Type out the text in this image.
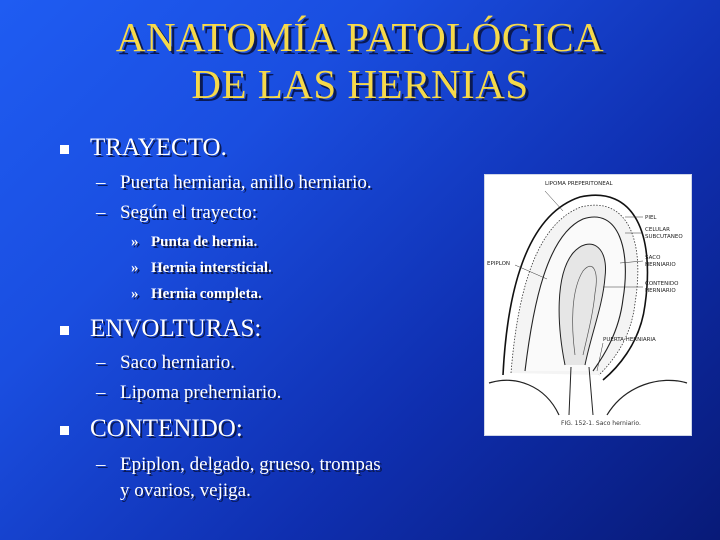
ANATOMÍA PATOLÓGICA
DE LAS HERNIAS
TRAYECTO.
– Puerta herniaria, anillo herniario.
– Según el trayecto:
» Punta de hernia.
» Hernia intersticial.
» Hernia completa.
ENVOLTURAS:
– Saco herniario.
– Lipoma preherniario.
CONTENIDO:
– Epiplon, delgado, grueso, trompas
y ovarios, vejiga.
LIPOMA PREPERITONEAL
PIEL
CELULAR
SUBCUTANEO
SACO
HERNIARIO
CONTENIDO
HERNIARIO
EPIPLON
PUERTA HERNIARIA
FIG. 152-1. Saco herniario.
